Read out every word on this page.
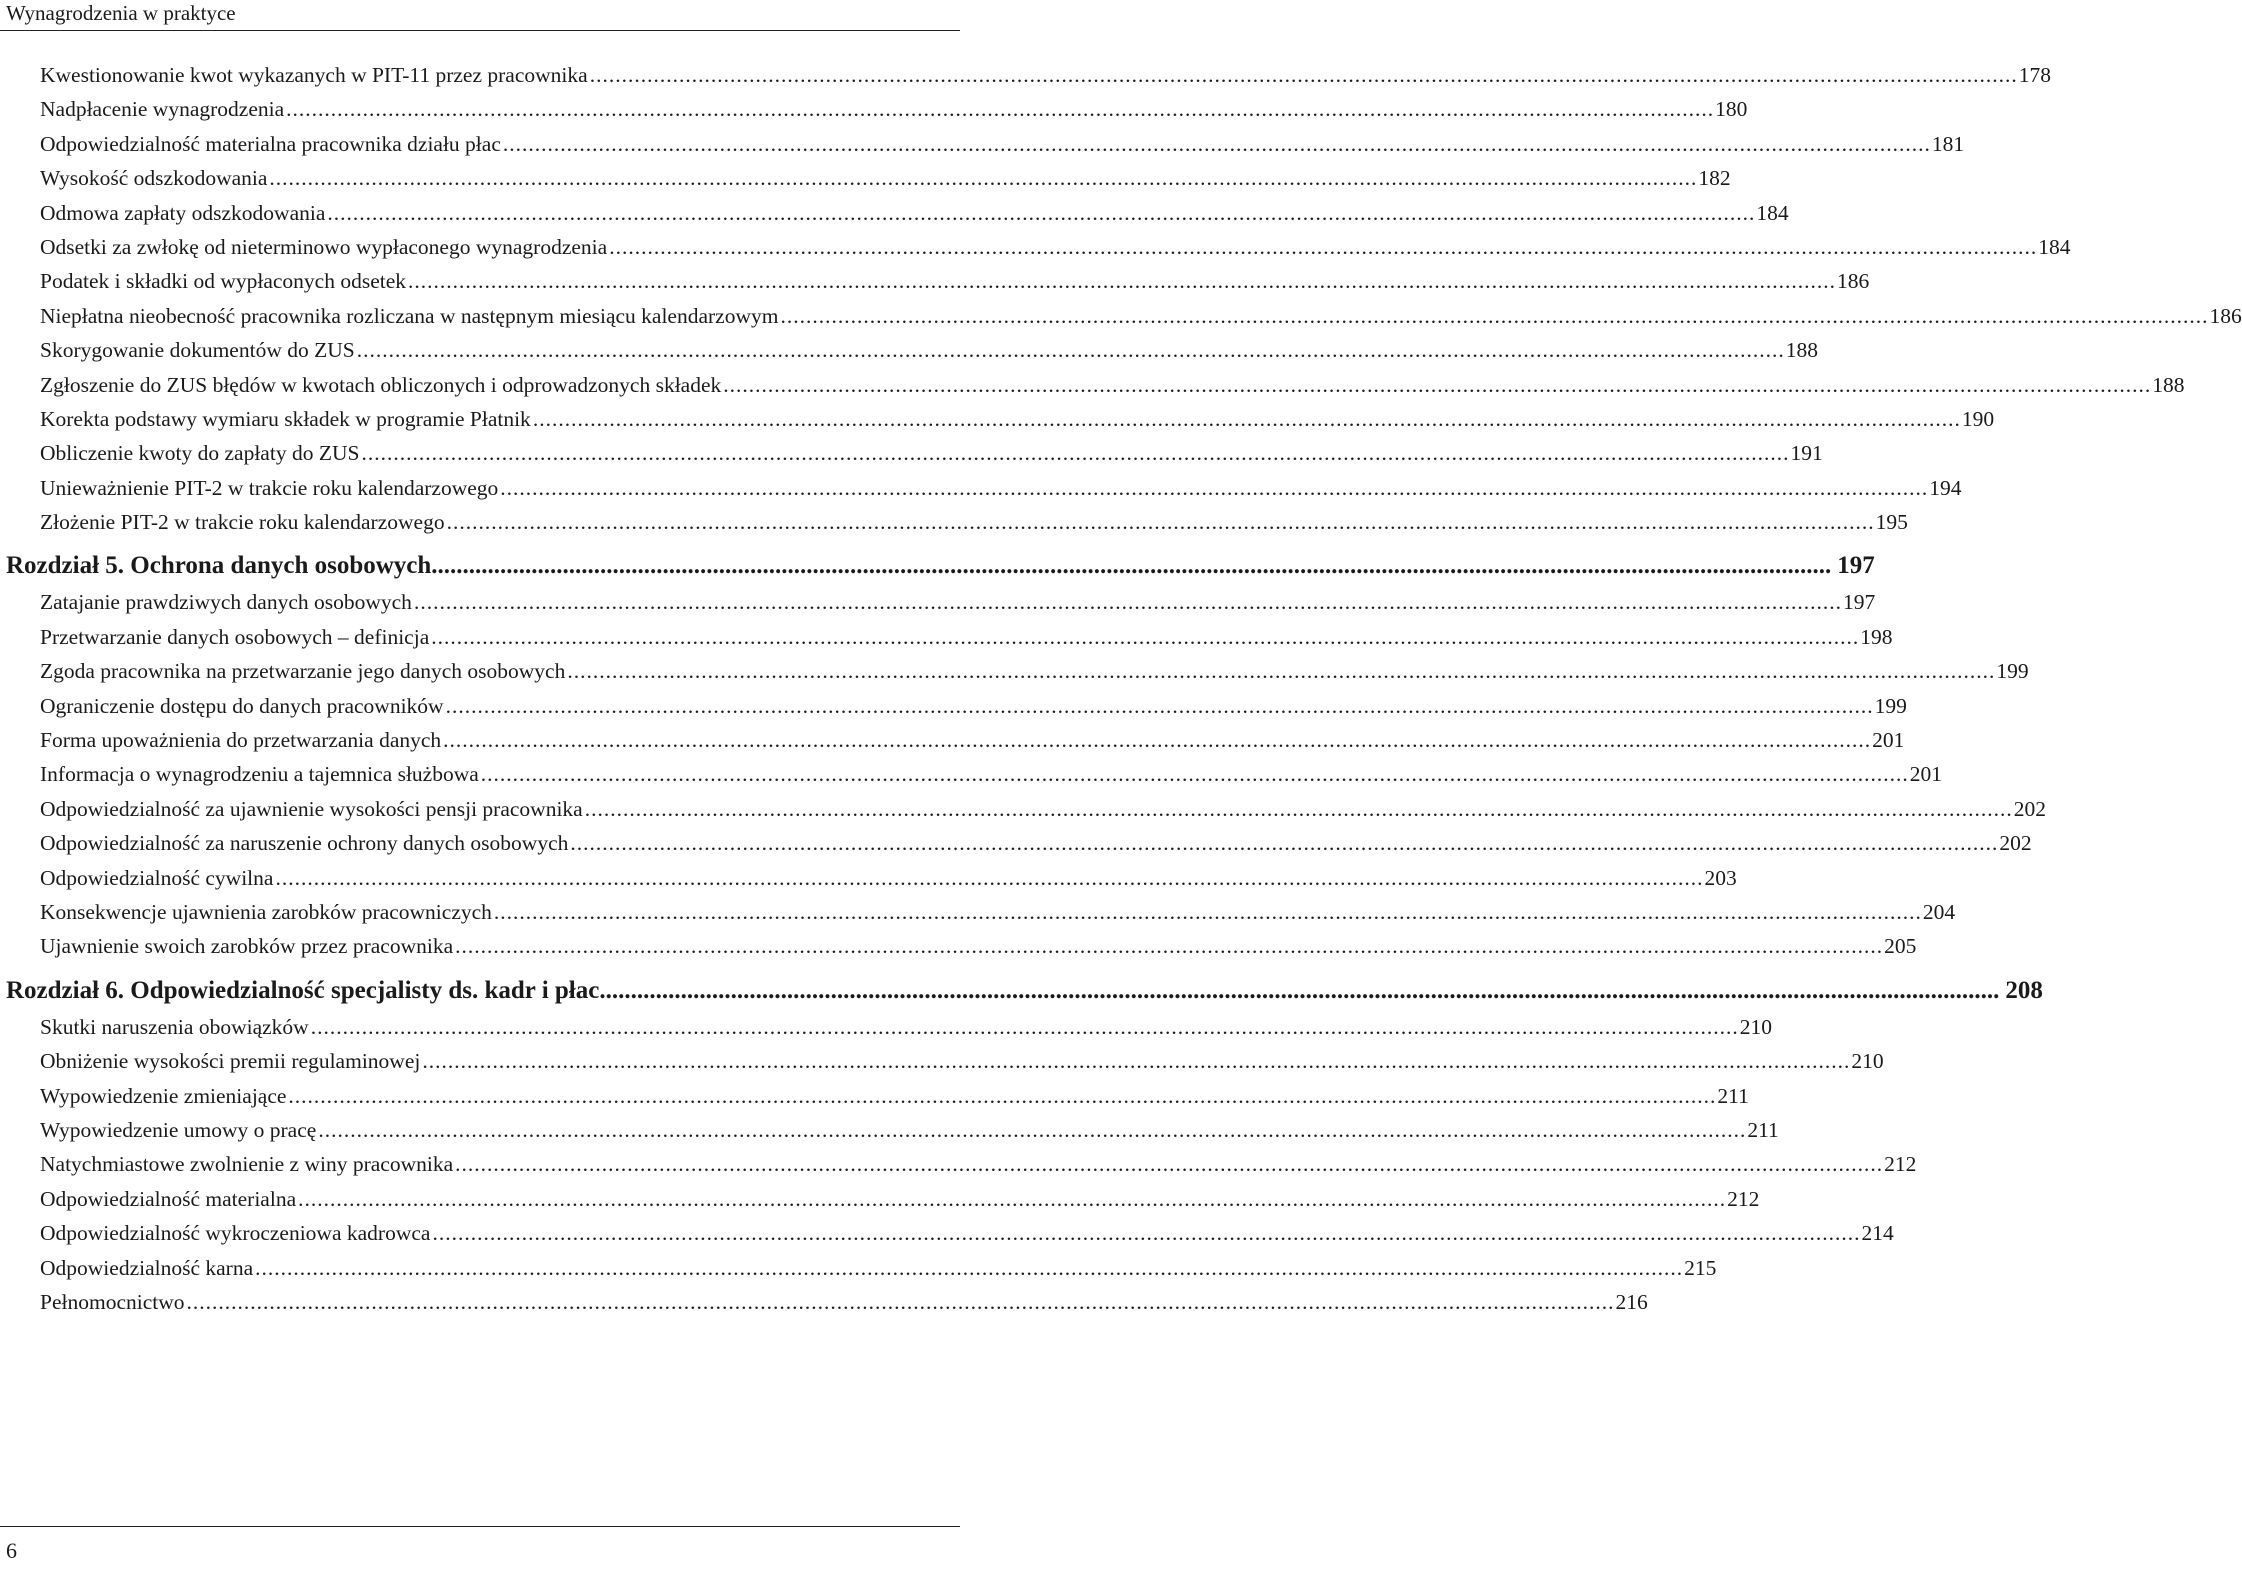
Wynagrodzenia w praktyce
Kwestionowanie kwot wykazanych w PIT-11 przez pracownika .....	178
Nadpłacenie wynagrodzenia .....	180
Odpowiedzialność materialna pracownika działu płac .....	181
Wysokość odszkodowania .....	182
Odmowa zapłaty odszkodowania .....	184
Odsetki za zwłokę od nieterminowo wypłaconego wynagrodzenia .....	184
Podatek i składki od wypłaconych odsetek .....	186
Niepłatna nieobecność pracownika rozliczana w następnym miesiącu kalendarzowym .....	186
Skorygowanie dokumentów do ZUS .....	188
Zgłoszenie do ZUS błędów w kwotach obliczonych i odprowadzonych składek .....	188
Korekta podstawy wymiaru składek w programie Płatnik .....	190
Obliczenie kwoty do zapłaty do ZUS .....	191
Unieważnienie PIT-2 w trakcie roku kalendarzowego .....	194
Złożenie PIT-2 w trakcie roku kalendarzowego .....	195
Rozdział 5. Ochrona danych osobowych .....	197
Zatajanie prawdziwych danych osobowych .....	197
Przetwarzanie danych osobowych – definicja .....	198
Zgoda pracownika na przetwarzanie jego danych osobowych .....	199
Ograniczenie dostępu do danych pracowników .....	199
Forma upoważnienia do przetwarzania danych .....	201
Informacja o wynagrodzeniu a tajemnica służbowa .....	201
Odpowiedzialność za ujawnienie wysokości pensji pracownika .....	202
Odpowiedzialność za naruszenie ochrony danych osobowych .....	202
Odpowiedzialność cywilna .....	203
Konsekwencje ujawnienia zarobków pracowniczych .....	204
Ujawnienie swoich zarobków przez pracownika .....	205
Rozdział 6. Odpowiedzialność specjalisty ds. kadr i płac .....	208
Skutki naruszenia obowiązków .....	210
Obniżenie wysokości premii regulaminowej .....	210
Wypowiedzenie zmieniające .....	211
Wypowiedzenie umowy o pracę .....	211
Natychmiastowe zwolnienie z winy pracownika .....	212
Odpowiedzialność materialna .....	212
Odpowiedzialność wykroczeniowa kadrowca .....	214
Odpowiedzialność karna .....	215
Pełnomocnictwo .....	216
6
